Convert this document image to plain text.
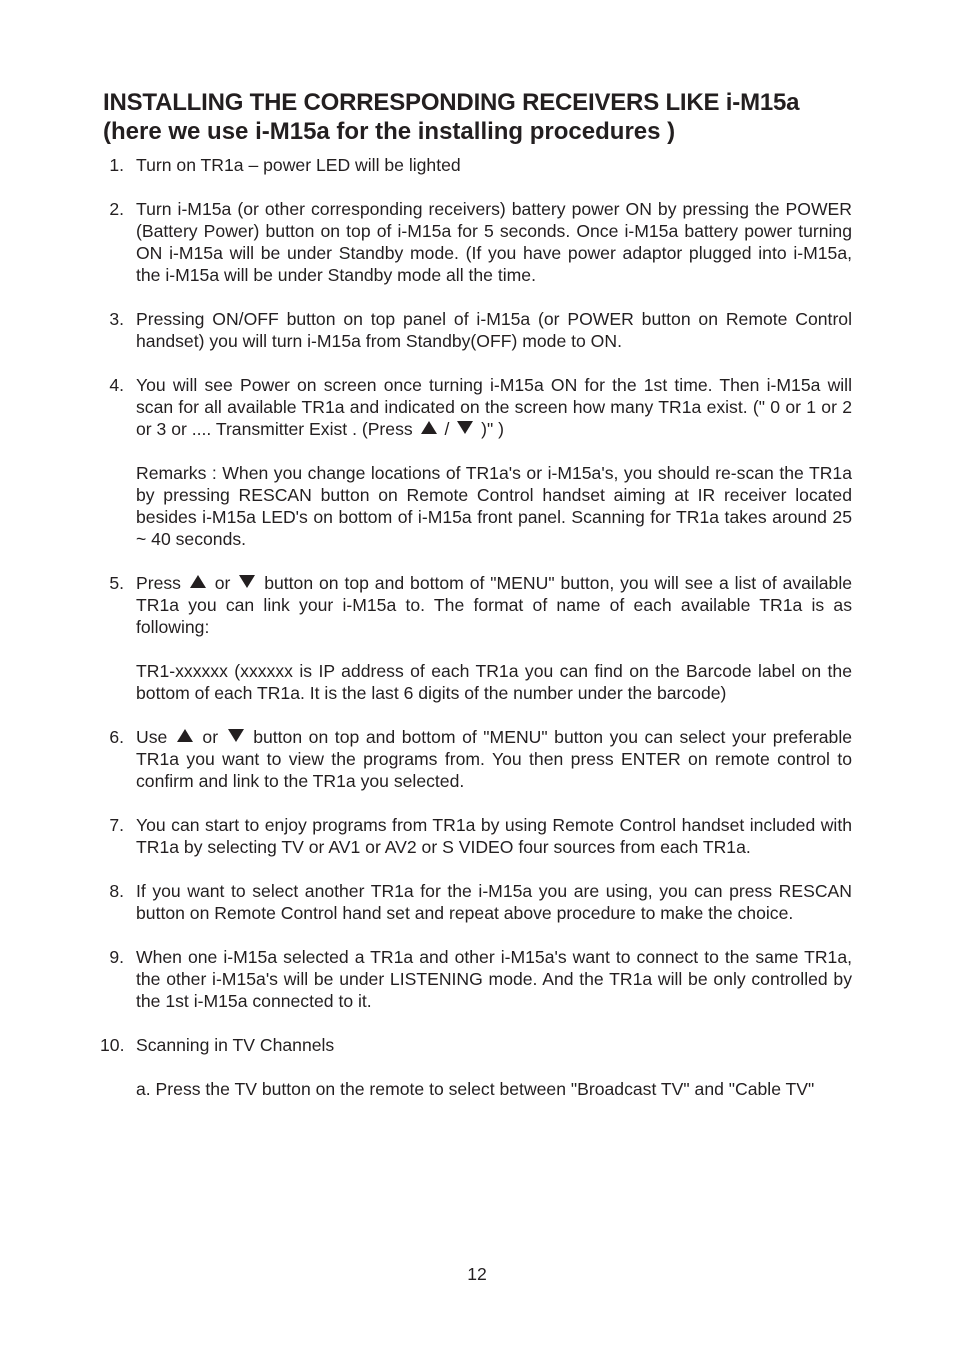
INSTALLING THE CORRESPONDING RECEIVERS LIKE i-M15a
(here we use i-M15a for the installing procedures )
1. Turn on TR1a – power LED will be lighted

2. Turn i-M15a (or other corresponding receivers) battery power ON by pressing the POWER (Battery Power) button on top of i-M15a for 5 seconds. Once i-M15a battery power turning ON i-M15a will be under Standby mode. (If you have power adaptor plugged into i-M15a, the i-M15a will be under Standby mode all the time.

3. Pressing ON/OFF button on top panel of i-M15a (or POWER button on Remote Control handset) you will turn i-M15a from Standby(OFF) mode to ON.

4. You will see Power on screen once turning i-M15a ON for the 1st time. Then i-M15a will scan for all available TR1a and indicated on the screen how many TR1a exist. (" 0 or 1 or 2 or 3 or .... Transmitter Exist . (Press / )" )

Remarks : When you change locations of TR1a's or i-M15a's, you should re-scan the TR1a by pressing RESCAN button on Remote Control handset aiming at IR receiver located besides i-M15a LED's on bottom of i-M15a front panel. Scanning for TR1a takes around 25 ~ 40 seconds.

5. Press or button on top and bottom of "MENU" button, you will see a list of available TR1a you can link your i-M15a to. The format of name of each available TR1a is as following:

TR1-xxxxxx (xxxxxx is IP address of each TR1a you can find on the Barcode label on the bottom of each TR1a. It is the last 6 digits of the number under the barcode)

6. Use or button on top and bottom of "MENU" button you can select your preferable TR1a you want to view the programs from. You then press ENTER on remote control to confirm and link to the TR1a you selected.

7. You can start to enjoy programs from TR1a by using Remote Control handset included with TR1a by selecting TV or AV1 or AV2 or S VIDEO four sources from each TR1a.

8. If you want to select another TR1a for the i-M15a you are using, you can press RESCAN button on Remote Control hand set and repeat above procedure to make the choice.

9. When one i-M15a selected a TR1a and other i-M15a's want to connect to the same TR1a, the other i-M15a's will be under LISTENING mode. And the TR1a will be only controlled by the 1st i-M15a connected to it.

10. Scanning in TV Channels

a. Press the TV button on the remote to select between "Broadcast TV" and "Cable TV"

12
